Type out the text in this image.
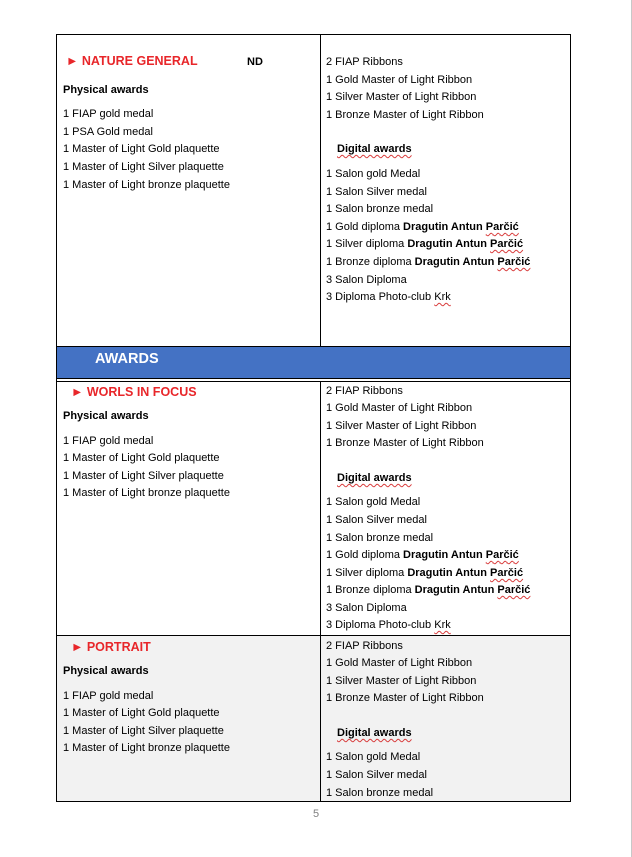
► NATURE GENERAL	ND
Physical awards
1 FIAP gold medal
1 PSA Gold medal
1 Master of Light Gold plaquette
1 Master of Light Silver plaquette
1 Master of Light bronze plaquette
2 FIAP Ribbons
1 Gold Master of Light Ribbon
1 Silver Master of Light Ribbon
1 Bronze Master of Light Ribbon
Digital awards
1 Salon gold Medal
1 Salon Silver medal
1 Salon bronze medal
1 Gold diploma Dragutin Antun Parčić
1 Silver diploma Dragutin Antun Parčić
1 Bronze diploma Dragutin Antun Parčić
3 Salon Diploma
3 Diploma Photo-club Krk
AWARDS
► WORLS IN FOCUS
Physical awards
1 FIAP gold medal
1 Master of Light Gold plaquette
1 Master of Light Silver plaquette
1 Master of Light bronze plaquette
2 FIAP Ribbons
1 Gold Master of Light Ribbon
1 Silver Master of Light Ribbon
1 Bronze Master of Light Ribbon
Digital awards
1 Salon gold Medal
1 Salon Silver medal
1 Salon bronze medal
1 Gold diploma Dragutin Antun Parčić
1 Silver diploma Dragutin Antun Parčić
1 Bronze diploma Dragutin Antun Parčić
3 Salon Diploma
3 Diploma Photo-club Krk
► PORTRAIT
Physical awards
1 FIAP gold medal
1 Master of Light Gold plaquette
1 Master of Light Silver plaquette
1 Master of Light bronze plaquette
2 FIAP Ribbons
1 Gold Master of Light Ribbon
1 Silver Master of Light Ribbon
1 Bronze Master of Light Ribbon
Digital awards
1 Salon gold Medal
1 Salon Silver medal
1 Salon bronze medal
5
